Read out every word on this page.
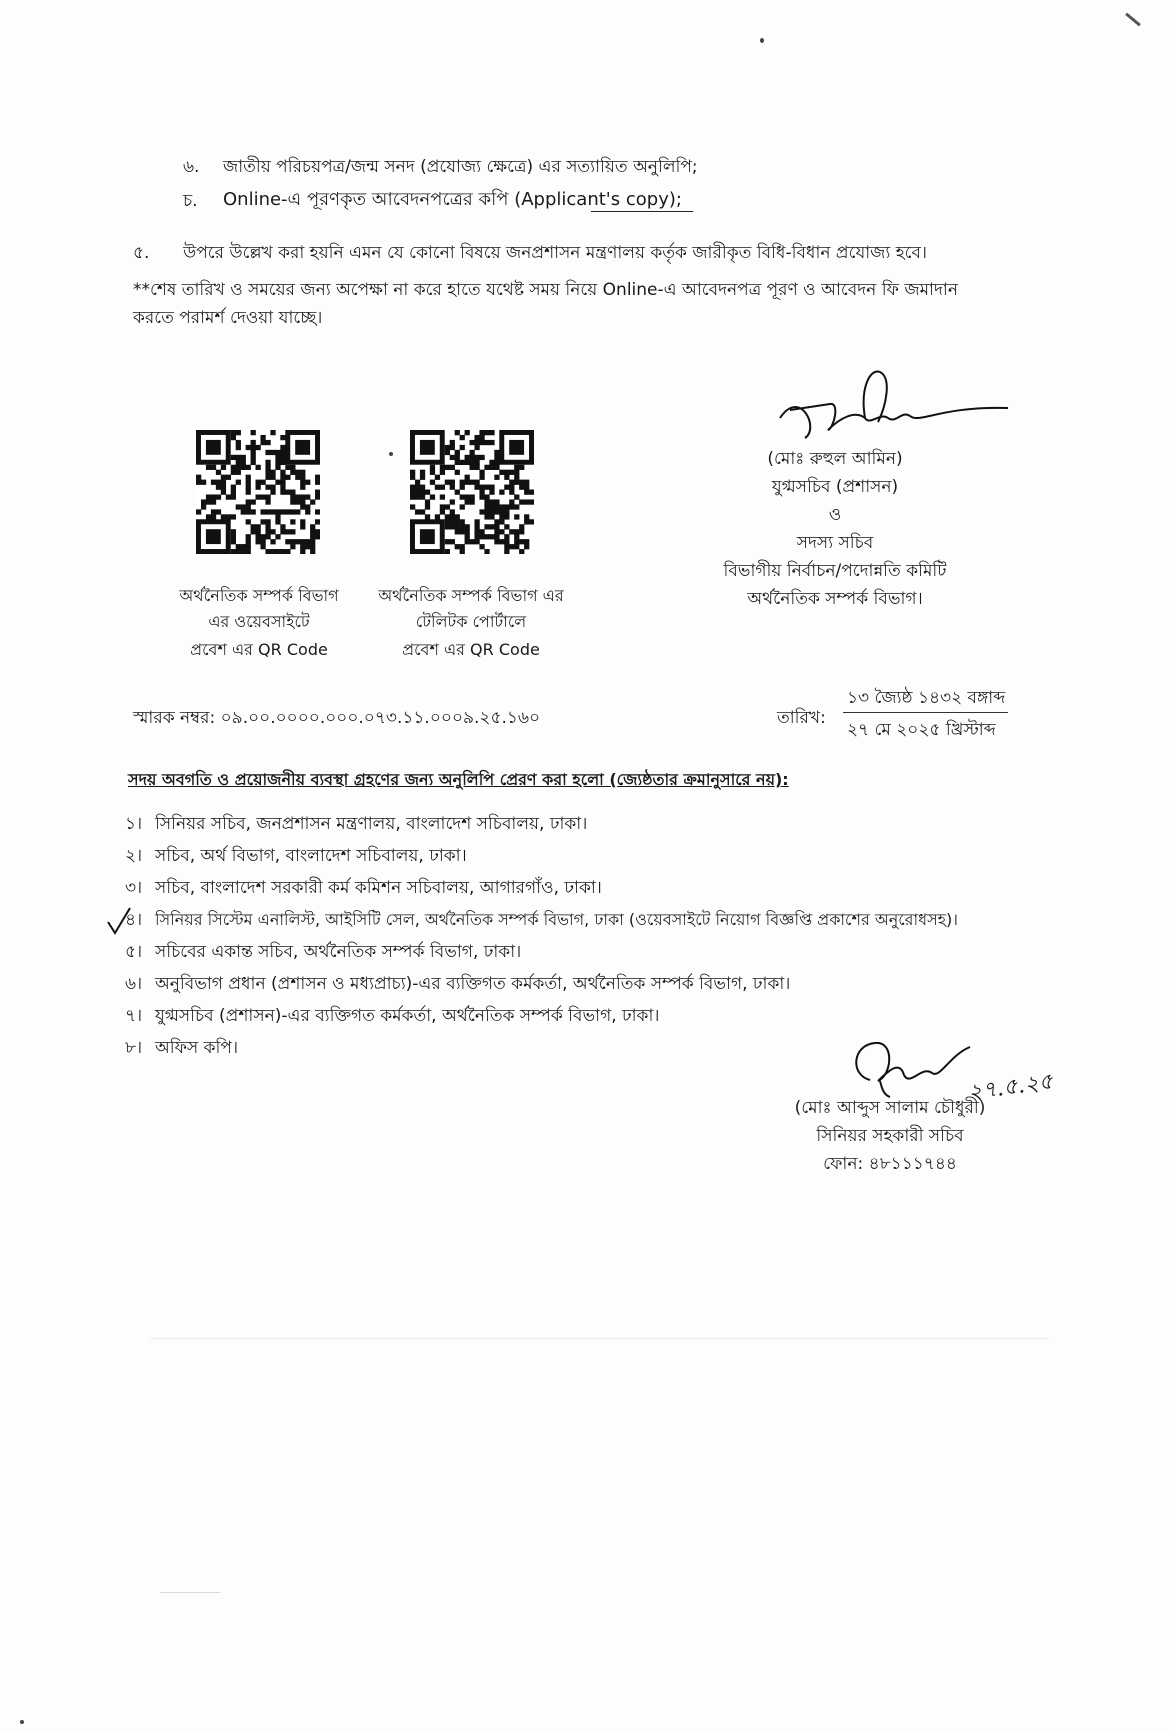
৬. জাতীয় পরিচয়পত্র/জন্ম সনদ (প্রযোজ্য ক্ষেত্রে) এর সত্যায়িত অনুলিপি;
চ. Online-এ পূরণকৃত আবেদনপত্রের কপি (Applicant's copy);
৫. উপরে উল্লেখ করা হয়নি এমন যে কোনো বিষয়ে জনপ্রশাসন মন্ত্রণালয় কর্তৃক জারীকৃত বিধি-বিধান প্রযোজ্য হবে।
**শেষ তারিখ ও সময়ের জন্য অপেক্ষা না করে হাতে যথেষ্ট সময় নিয়ে Online-এ আবেদনপত্র পূরণ ও আবেদন ফি জমাদান
করতে পরামর্শ দেওয়া যাচ্ছে।
অর্থনৈতিক সম্পর্ক বিভাগ
এর ওয়েবসাইটে
প্রবেশ এর QR Code
অর্থনৈতিক সম্পর্ক বিভাগ এর
টেলিটক পোর্টালে
প্রবেশ এর QR Code
(মোঃ রুহুল আমিন)
যুগ্মসচিব (প্রশাসন)
ও
সদস্য সচিব
বিভাগীয় নির্বাচন/পদোন্নতি কমিটি
অর্থনৈতিক সম্পর্ক বিভাগ।
স্মারক নম্বর: ০৯.০০.০০০০.০০০.০৭৩.১১.০০০৯.২৫.১৬০	তারিখ:
১৩ জ্যৈষ্ঠ ১৪৩২ বঙ্গাব্দ
২৭ মে ২০২৫ খ্রিস্টাব্দ
সদয় অবগতি ও প্রয়োজনীয় ব্যবস্থা গ্রহণের জন্য অনুলিপি প্রেরণ করা হলো (জ্যেষ্ঠতার ক্রমানুসারে নয়):
১। সিনিয়র সচিব, জনপ্রশাসন মন্ত্রণালয়, বাংলাদেশ সচিবালয়, ঢাকা।
২। সচিব, অর্থ বিভাগ, বাংলাদেশ সচিবালয়, ঢাকা।
৩। সচিব, বাংলাদেশ সরকারী কর্ম কমিশন সচিবালয়, আগারগাঁও, ঢাকা।
৪। সিনিয়র সিস্টেম এনালিস্ট, আইসিটি সেল, অর্থনৈতিক সম্পর্ক বিভাগ, ঢাকা (ওয়েবসাইটে নিয়োগ বিজ্ঞপ্তি প্রকাশের অনুরোধসহ)।
৫। সচিবের একান্ত সচিব, অর্থনৈতিক সম্পর্ক বিভাগ, ঢাকা।
৬। অনুবিভাগ প্রধান (প্রশাসন ও মধ্যপ্রাচ্য)-এর ব্যক্তিগত কর্মকর্তা, অর্থনৈতিক সম্পর্ক বিভাগ, ঢাকা।
৭। যুগ্মসচিব (প্রশাসন)-এর ব্যক্তিগত কর্মকর্তা, অর্থনৈতিক সম্পর্ক বিভাগ, ঢাকা।
৮। অফিস কপি।
২৭.৫.২৫
(মোঃ আব্দুস সালাম চৌধুরী)
সিনিয়র সহকারী সচিব
ফোন: ৪৮১১১৭৪৪
